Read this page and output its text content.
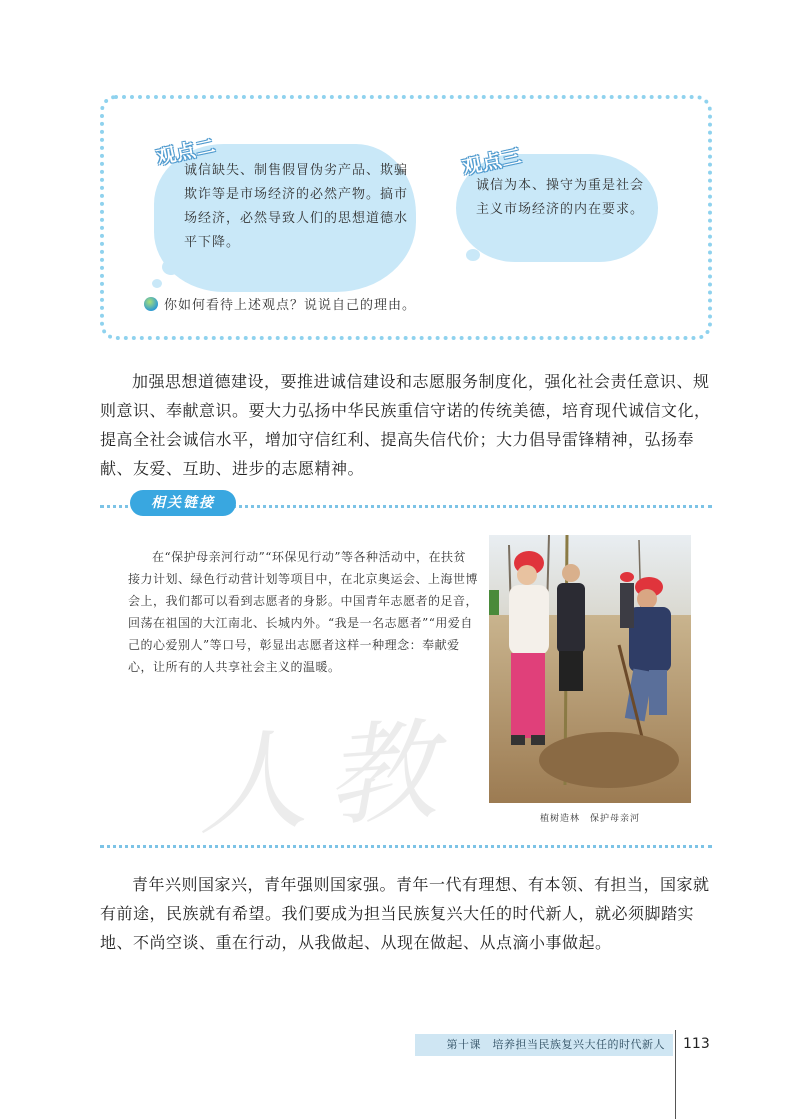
观点二	观点三
诚信缺失、制售假冒伪劣产品、欺骗欺诈等是市场经济的必然产物。搞市场经济，必然导致人们的思想道德水平下降。
诚信为本、操守为重是社会主义市场经济的内在要求。
你如何看待上述观点？说说自己的理由。
加强思想道德建设，要推进诚信建设和志愿服务制度化，强化社会责任意识、规则意识、奉献意识。要大力弘扬中华民族重信守诺的传统美德，培育现代诚信文化，提高全社会诚信水平，增加守信红利、提高失信代价；大力倡导雷锋精神，弘扬奉献、友爱、互助、进步的志愿精神。
相关链接
人教
在“保护母亲河行动”“环保见行动”等各种活动中，在扶贫接力计划、绿色行动营计划等项目中，在北京奥运会、上海世博会上，我们都可以看到志愿者的身影。中国青年志愿者的足音，回荡在祖国的大江南北、长城内外。“我是一名志愿者”“用爱自己的心爱别人”等口号，彰显出志愿者这样一种理念：奉献爱心，让所有的人共享社会主义的温暖。
植树造林　保护母亲河
青年兴则国家兴，青年强则国家强。青年一代有理想、有本领、有担当，国家就有前途，民族就有希望。我们要成为担当民族复兴大任的时代新人，就必须脚踏实地、不尚空谈、重在行动，从我做起、从现在做起、从点滴小事做起。
第十课　培养担当民族复兴大任的时代新人	113
